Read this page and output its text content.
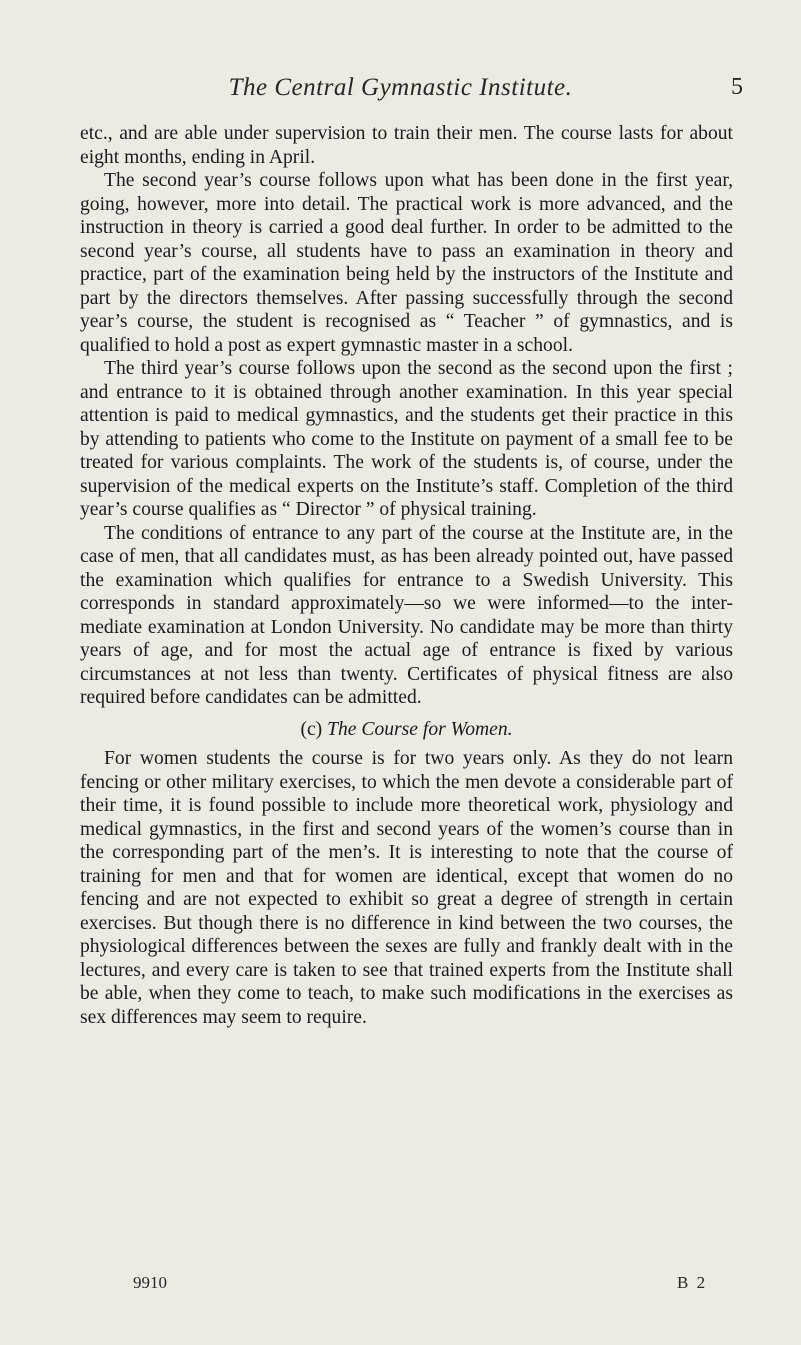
The Central Gymnastic Institute.	5

etc., and are able under supervision to train their men. The course lasts for about eight months, ending in April.

The second year’s course follows upon what has been done in the first year, going, however, more into detail. The practical work is more advanced, and the instruction in theory is carried a good deal further. In order to be admitted to the second year’s course, all students have to pass an examination in theory and practice, part of the examination being held by the instructors of the Institute and part by the directors themselves. After passing successfully through the second year’s course, the student is recognised as “ Teacher ” of gymnastics, and is qualified to hold a post as expert gymnastic master in a school.

The third year’s course follows upon the second as the second upon the first ; and entrance to it is obtained through another examination. In this year special attention is paid to medical gymnastics, and the students get their practice in this by attending to patients who come to the Institute on payment of a small fee to be treated for various complaints. The work of the students is, of course, under the supervision of the medical experts on the Institute’s staff. Completion of the third year’s course qualifies as “ Director ” of physical training.

The conditions of entrance to any part of the course at the Institute are, in the case of men, that all candidates must, as has been already pointed out, have passed the examination which qualifies for entrance to a Swedish University. This corresponds in standard approximately—so we were informed—to the inter-mediate examination at London University. No candidate may be more than thirty years of age, and for most the actual age of entrance is fixed by various circumstances at not less than twenty. Certificates of physical fitness are also required before candidates can be admitted.

(c) The Course for Women.

For women students the course is for two years only. As they do not learn fencing or other military exercises, to which the men devote a considerable part of their time, it is found possible to include more theoretical work, physiology and medical gymnastics, in the first and second years of the women’s course than in the corresponding part of the men’s. It is interesting to note that the course of training for men and that for women are identical, except that women do no fencing and are not expected to exhibit so great a degree of strength in certain exercises. But though there is no difference in kind between the two courses, the physiological differences between the sexes are fully and frankly dealt with in the lectures, and every care is taken to see that trained experts from the Institute shall be able, when they come to teach, to make such modifications in the exercises as sex differences may seem to require.

9910	B 2
